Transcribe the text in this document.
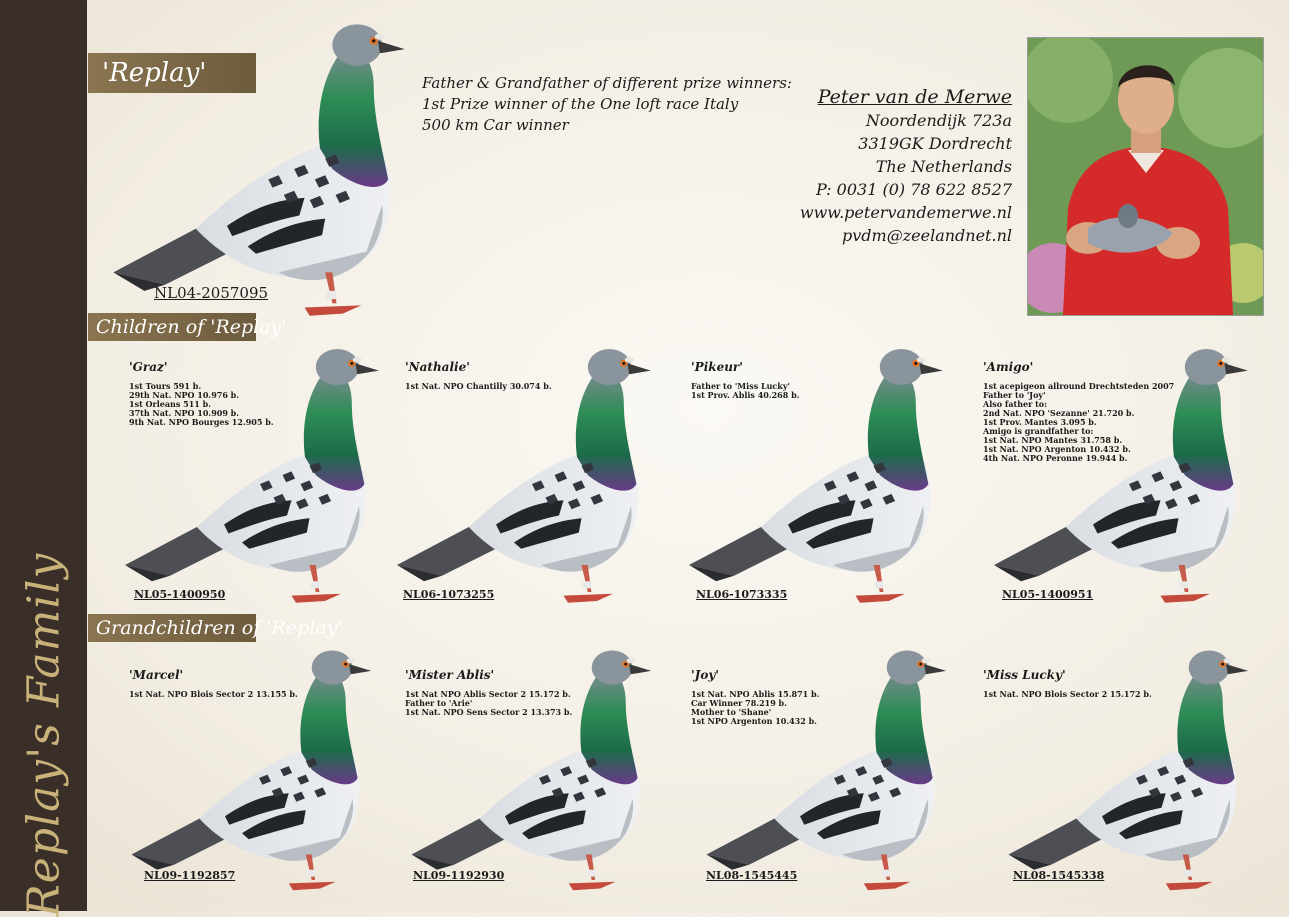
Replay's Family
'Replay'
NL04-2057095
Father & Grandfather of different prize winners:
1st Prize winner of the One loft race Italy
500 km Car winner
Peter van de Merwe
Noordendijk 723a
3319GK Dordrecht
The Netherlands
P: 0031 (0) 78 622 8527
www.petervandemerwe.nl
pvdm@zeelandnet.nl
Children of 'Replay'
'Graz'
1st Tours 591 b.
29th Nat. NPO 10.976 b.
1st Orleans 511 b.
37th Nat. NPO 10.909 b.
9th Nat. NPO Bourges 12.905 b.
NL05-1400950
'Nathalie'
1st Nat. NPO Chantilly 30.074 b.
NL06-1073255
'Pikeur'
Father to 'Miss Lucky'
1st Prov. Ablis 40.268 b.
NL06-1073335
'Amigo'
1st acepigeon allround Drechtsteden 2007
Father to 'Joy'
Also father to:
2nd Nat. NPO 'Sezanne' 21.720 b.
1st Prov. Mantes 3.095 b.
Amigo is grandfather to:
1st Nat. NPO Mantes 31.758 b.
1st Nat. NPO Argenton 10.432 b.
4th Nat. NPO Peronne 19.944 b.
NL05-1400951
Grandchildren of 'Replay'
'Marcel'
1st Nat. NPO Blois Sector 2 13.155 b.
NL09-1192857
'Mister Ablis'
1st Nat NPO Ablis Sector 2 15.172 b.
Father to 'Arie'
1st Nat. NPO Sens Sector 2 13.373 b.
NL09-1192930
'Joy'
1st Nat. NPO Ablis 15.871 b.
Car Winner 78.219 b.
Mother to 'Shane'
1st NPO Argenton 10.432 b.
NL08-1545445
'Miss Lucky'
1st Nat. NPO Blois Sector 2 15.172 b.
NL08-1545338
